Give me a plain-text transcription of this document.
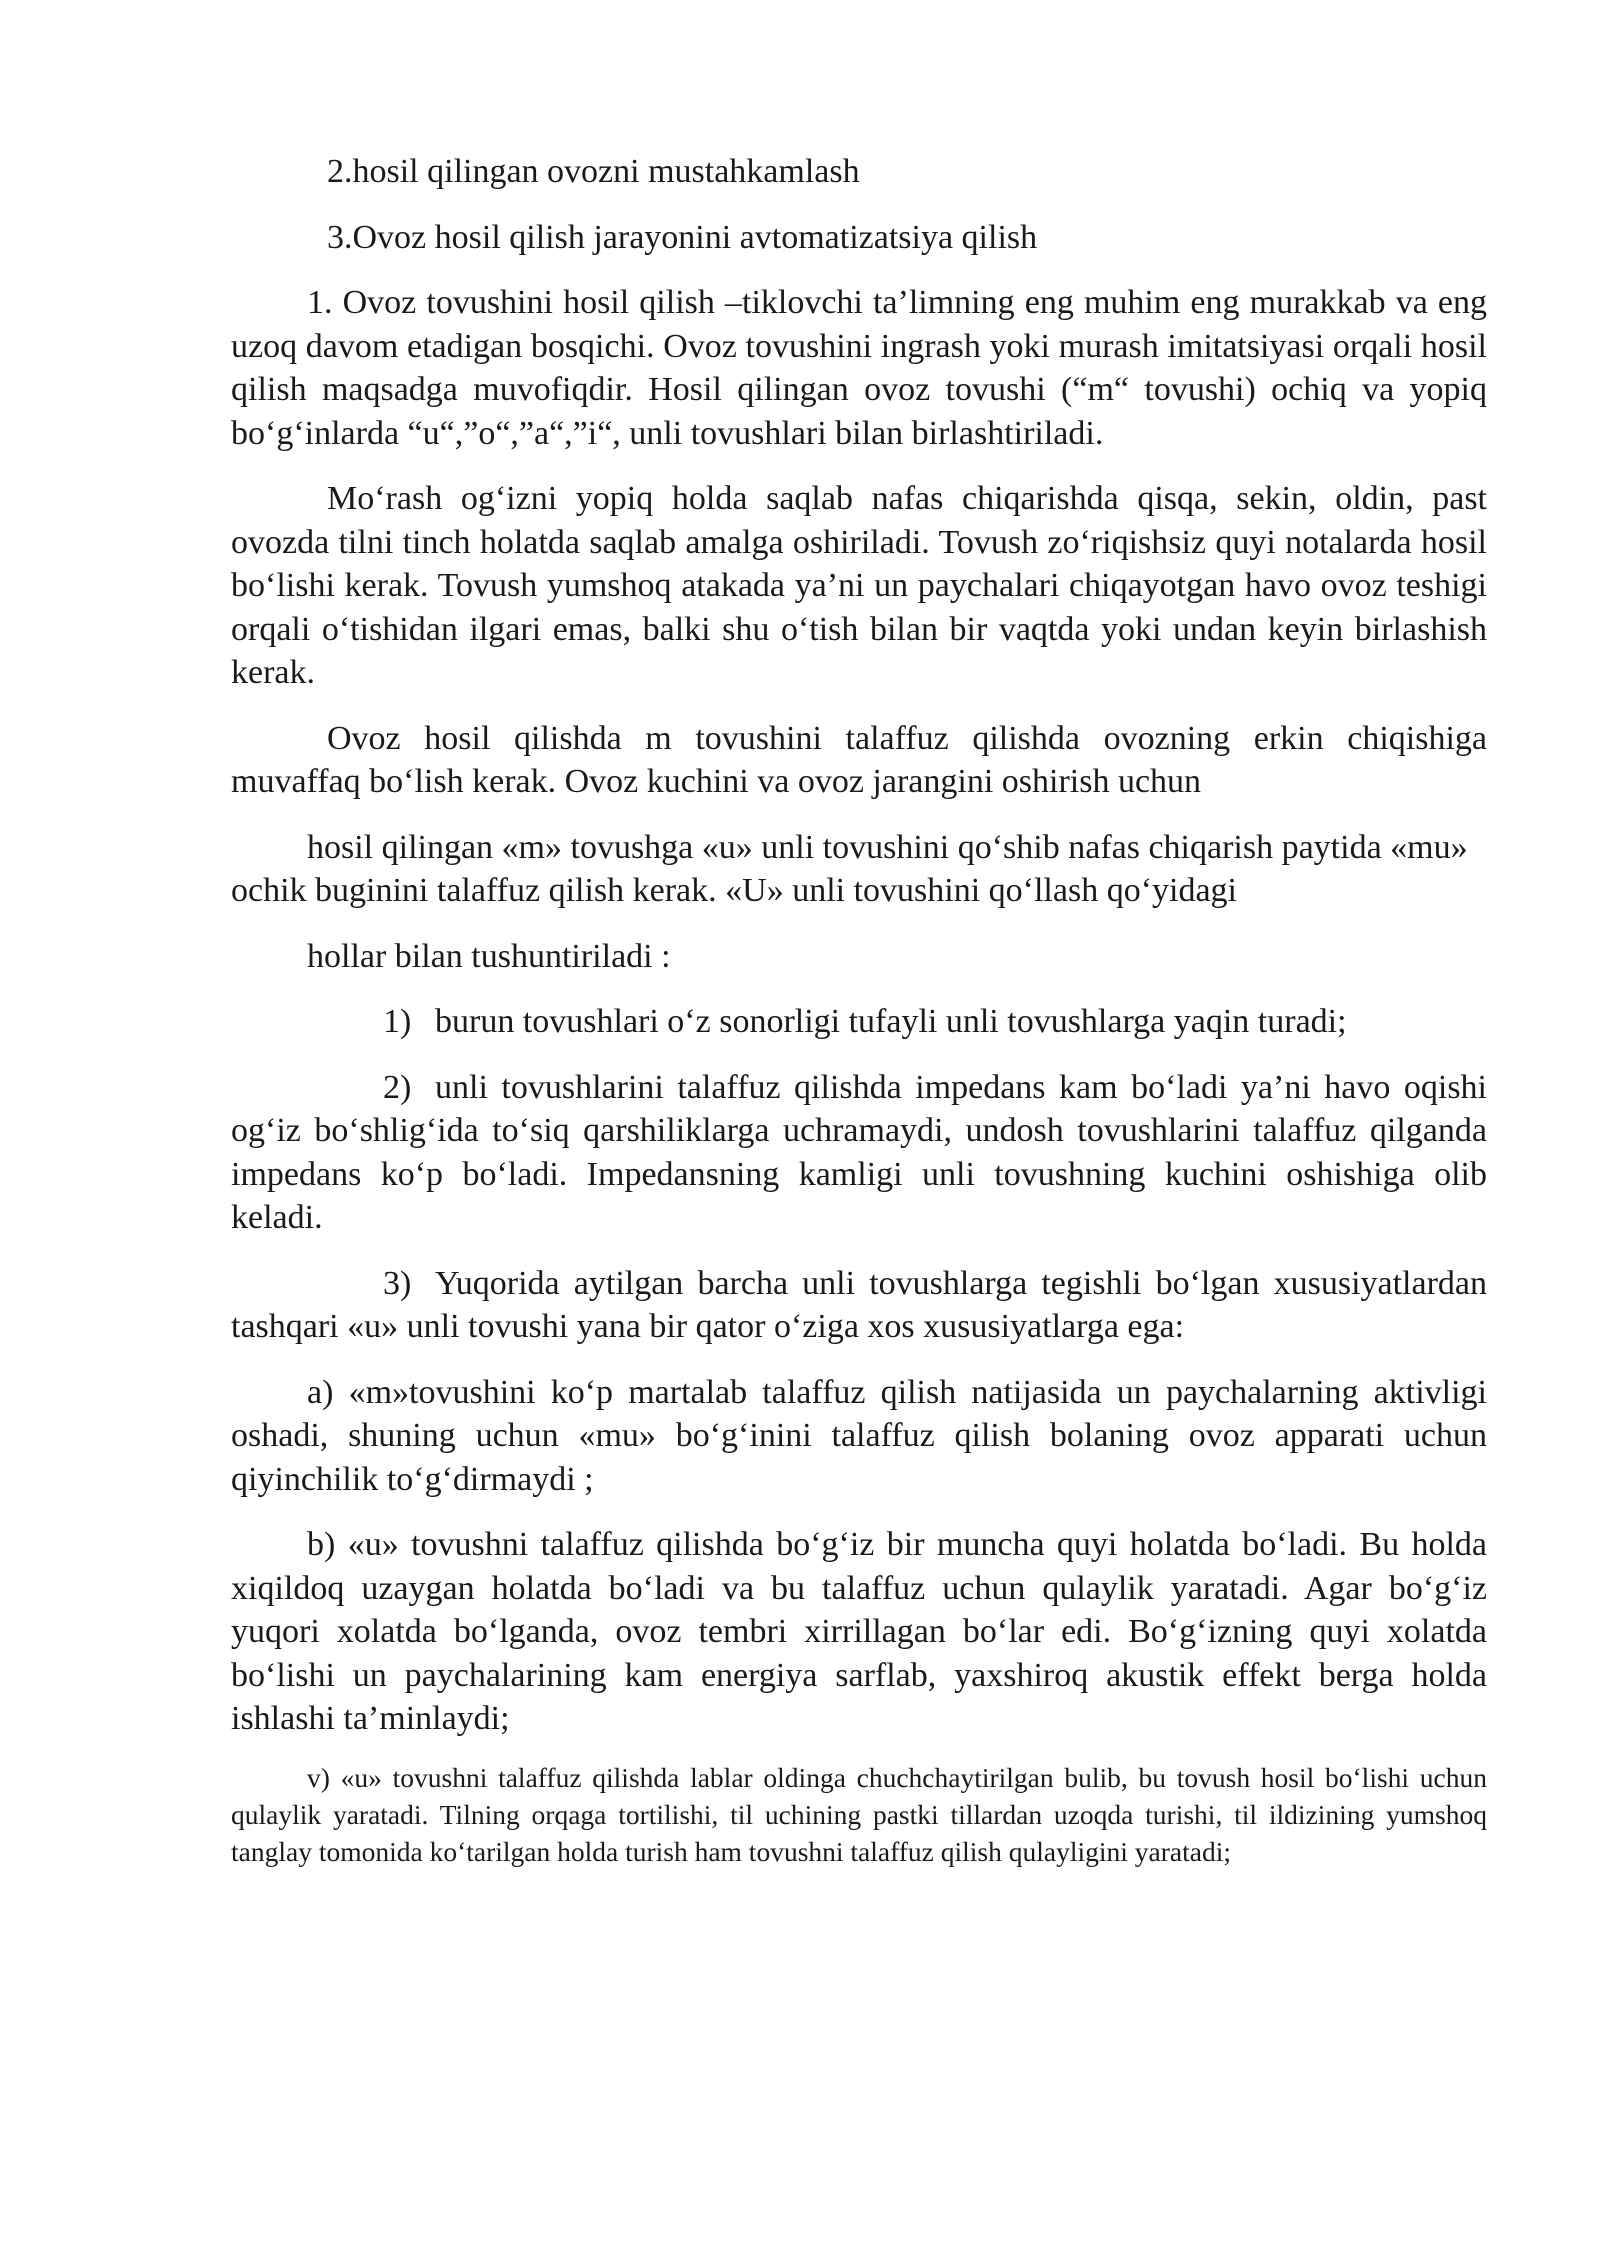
2.hosil qilingan ovozni mustahkamlash

3.Ovoz hosil qilish jarayonini avtomatizatsiya qilish

1. Ovoz tovushini hosil qilish –tiklovchi ta’limning eng muhim eng murakkab va eng uzoq davom etadigan bosqichi. Ovoz tovushini ingrash yoki murash imitatsiyasi orqali hosil qilish maqsadga muvofiqdir. Hosil qilingan ovoz tovushi (“m“ tovushi) ochiq va yopiq bo‘g‘inlarda “u“,”o“,”a“,”i“, unli tovushlari bilan birlashtiriladi.

Mo‘rash og‘izni yopiq holda saqlab nafas chiqarishda qisqa, sekin, oldin, past ovozda tilni tinch holatda saqlab amalga oshiriladi. Tovush zo‘riqishsiz quyi notalarda hosil bo‘lishi kerak. Tovush yumshoq atakada ya’ni un paychalari chiqayotgan havo ovoz teshigi orqali o‘tishidan ilgari emas, balki shu o‘tish bilan bir vaqtda yoki undan keyin birlashish kerak.

Ovoz hosil qilishda m tovushini talaffuz qilishda ovozning erkin chiqishiga muvaffaq bo‘lish kerak. Ovoz kuchini va ovoz jarangini oshirish uchun

hosil qilingan «m» tovushga «u» unli tovushini qo‘shib nafas chiqarish paytida «mu» ochik buginini talaffuz qilish kerak. «U» unli tovushini qo‘llash qo‘yidagi

hollar bilan tushuntiriladi :

1) burun tovushlari o‘z sonorligi tufayli unli tovushlarga yaqin turadi;

2) unli tovushlarini talaffuz qilishda impedans kam bo‘ladi ya’ni havo oqishi og‘iz bo‘shlig‘ida to‘siq qarshiliklarga uchramaydi, undosh tovushlarini talaffuz qilganda impedans ko‘p bo‘ladi. Impedansning kamligi unli tovushning kuchini oshishiga olib keladi.

3) Yuqorida aytilgan barcha unli tovushlarga tegishli bo‘lgan xususiyatlardan tashqari «u» unli tovushi yana bir qator o‘ziga xos xususiyatlarga ega:

a) «m»tovushini ko‘p martalab talaffuz qilish natijasida un paychalarning aktivligi oshadi, shuning uchun «mu» bo‘g‘inini talaffuz qilish bolaning ovoz apparati uchun qiyinchilik to‘g‘dirmaydi ;

b) «u» tovushni talaffuz qilishda bo‘g‘iz bir muncha quyi holatda bo‘ladi. Bu holda xiqildoq uzaygan holatda bo‘ladi va bu talaffuz uchun qulaylik yaratadi. Agar bo‘g‘iz yuqori xolatda bo‘lganda, ovoz tembri xirrillagan bo‘lar edi. Bo‘g‘izning quyi xolatda bo‘lishi un paychalarining kam energiya sarflab, yaxshiroq akustik effekt berga holda ishlashi ta’minlaydi;

v) «u» tovushni talaffuz qilishda lablar oldinga chuchchaytirilgan bulib, bu tovush hosil bo‘lishi uchun qulaylik yaratadi. Tilning orqaga tortilishi, til uchining pastki tillardan uzoqda turishi, til ildizining yumshoq tanglay tomonida ko‘tarilgan holda turish ham tovushni talaffuz qilish qulayligini yaratadi;
